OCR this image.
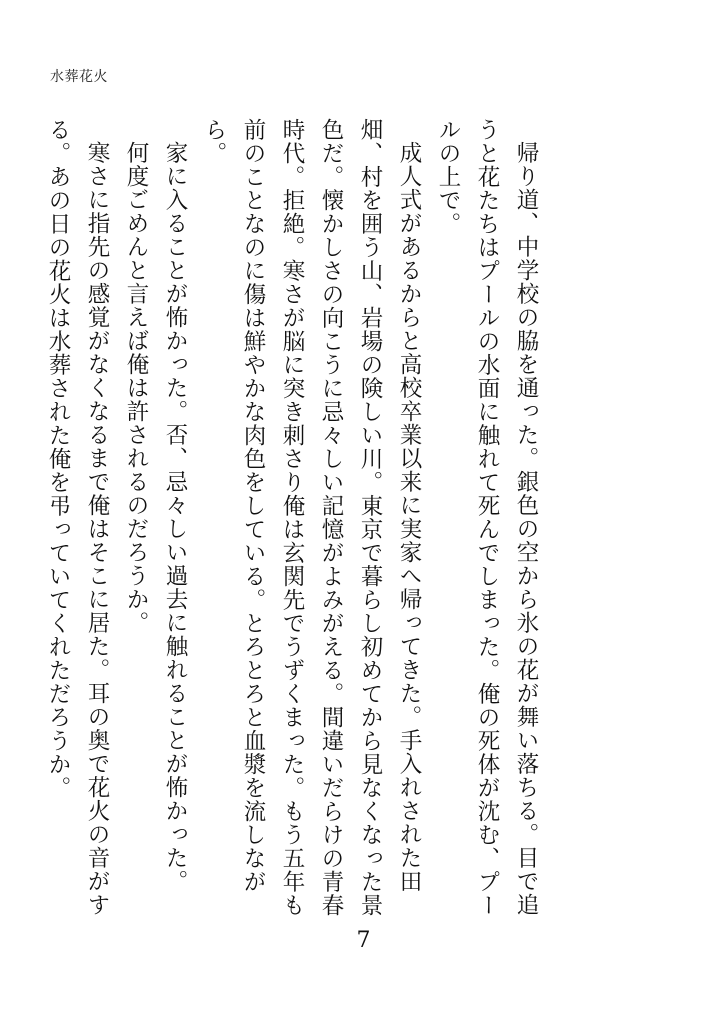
水葬花火

帰り道、中学校の脇を通った。銀色の空から氷の花が舞い落ちる。目で追うと花たちはプールの水面に触れて死んでしまった。俺の死体が沈む、プールの上で。

成人式があるからと高校卒業以来に実家へ帰ってきた。手入れされた田畑、村を囲う山、岩場の険しい川。東京で暮らし初めてから見なくなった景色だ。懐かしさの向こうに忌々しい記憶がよみがえる。間違いだらけの青春時代。拒絶。寒さが脳に突き刺さり俺は玄関先でうずくまった。もう五年も前のことなのに傷は鮮やかな肉色をしている。とろとろと血漿を流しながら。

家に入ることが怖かった。否、忌々しい過去に触れることが怖かった。

何度ごめんと言えば俺は許されるのだろうか。

寒さに指先の感覚がなくなるまで俺はそこに居た。耳の奥で花火の音がする。あの日の花火は水葬された俺を弔っていてくれただろうか。

7
